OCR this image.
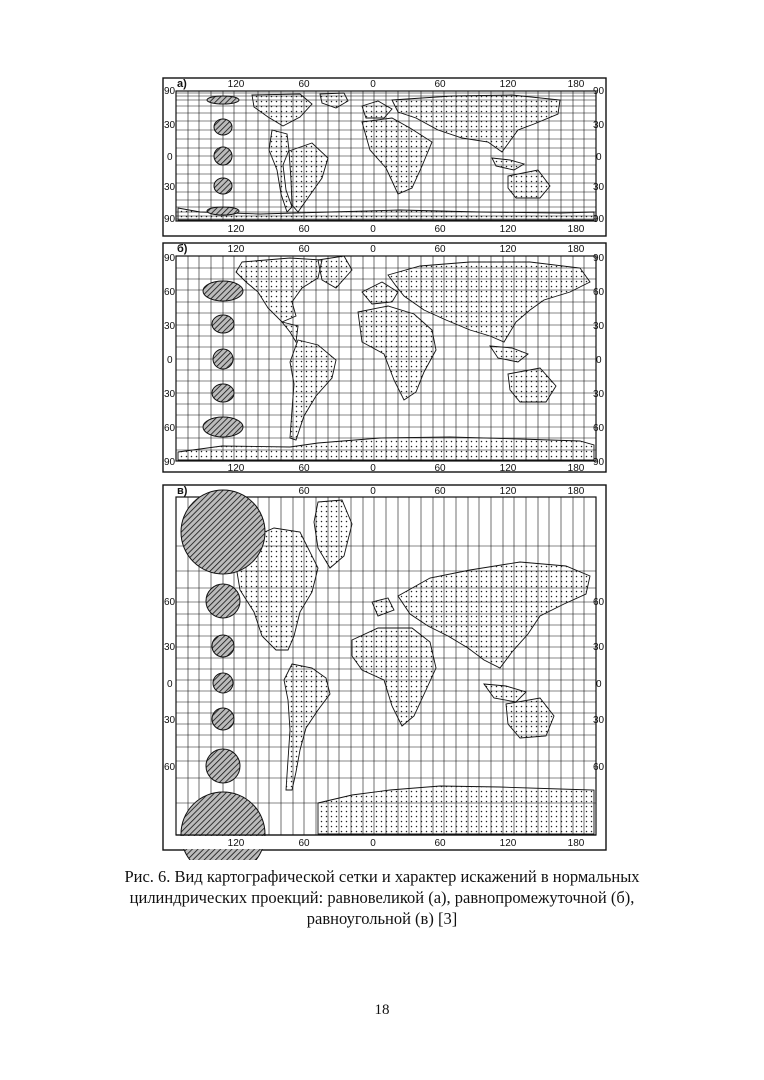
а)	120	60	0	60	120	180
120	60	0	60	120	180
90
30
0
30
90
90
30
0
30
90
б)	120	60	0	60	120	180
120	60	0	60	120	180
90
60
30
0
30
60
90
90
60
30
0
30
60
90
в)	60	0	60	120	180
120	60	0	60	120	180
60
30
0
30
60
60
30
0
30
60
Рис. 6. Вид картографической сетки и характер искажений в нормальных
цилиндрических проекций: равновеликой (а), равнопромежуточной (б),
равноугольной (в) [3]
18
